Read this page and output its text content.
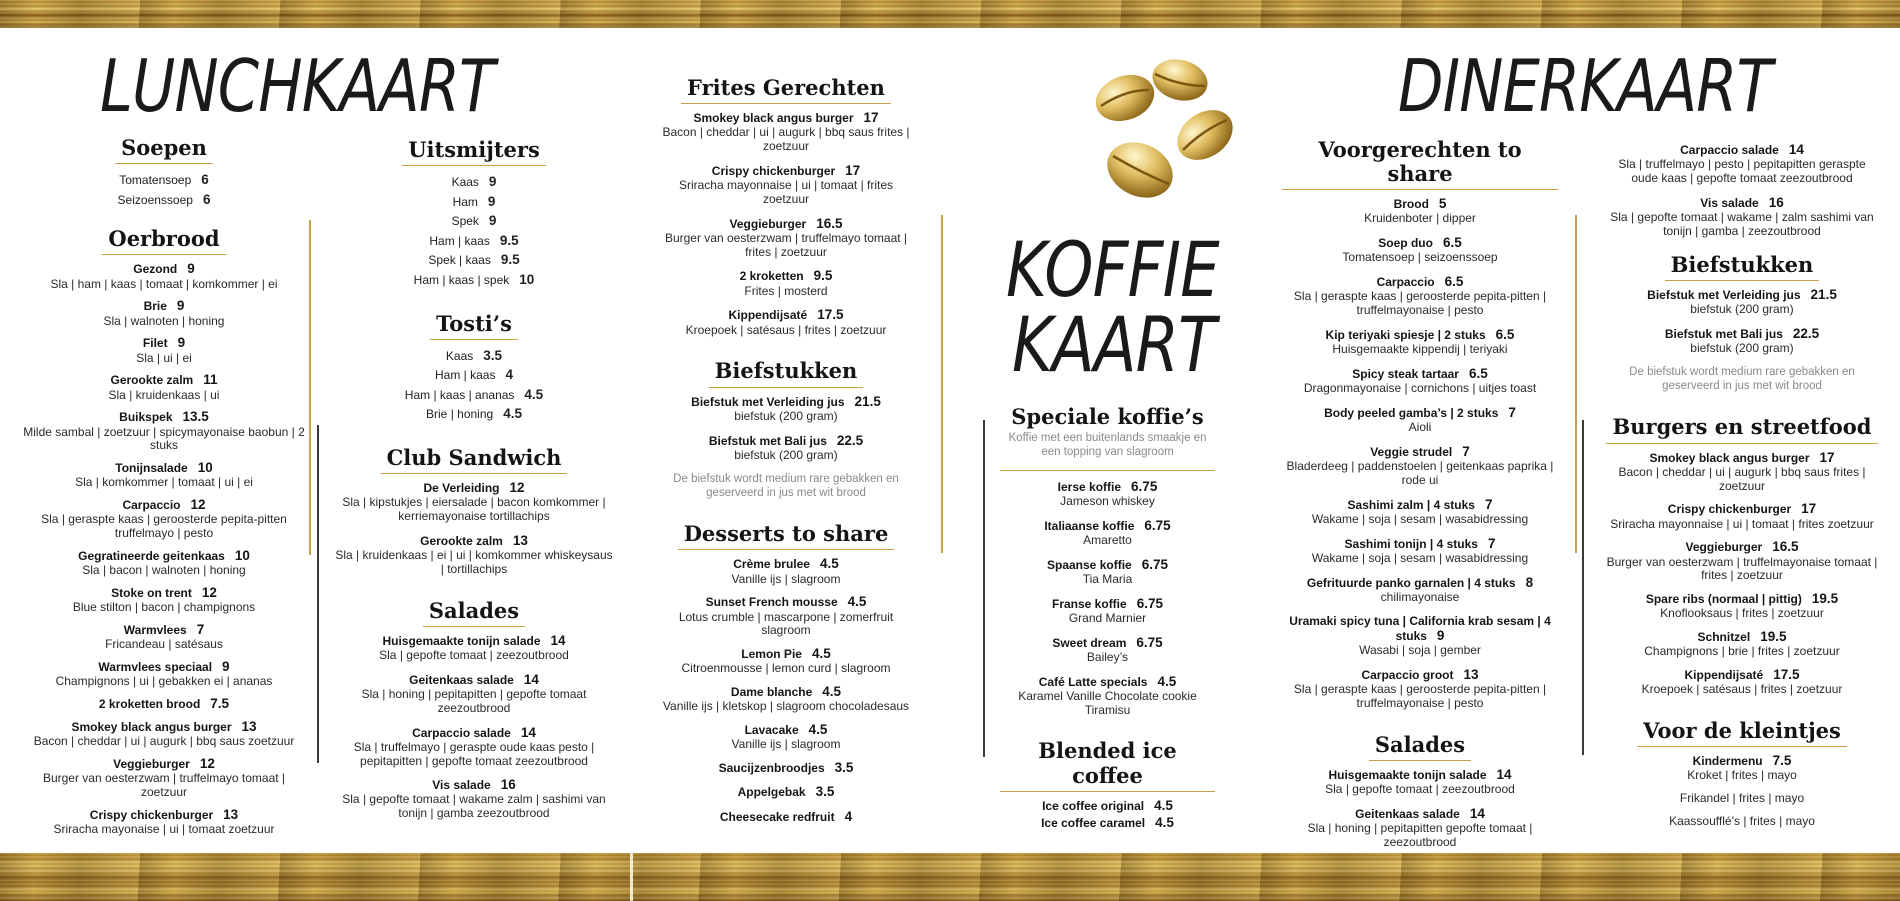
LUNCHKAART	DINERKAART
KOFFIE
KAART
Soepen
Tomatensoep 6
Seizoenssoep 6
Oerbrood
Gezond 9
Sla | ham | kaas | tomaat | komkommer | ei
Brie 9
Sla | walnoten | honing
Filet 9
Sla | ui | ei
Gerookte zalm 11
Sla | kruidenkaas | ui
Buikspek 13.5
Milde sambal | zoetzuur | spicymayonaise baobun | 2 stuks
Tonijnsalade 10
Sla | komkommer | tomaat | ui | ei
Carpaccio 12
Sla | geraspte kaas | geroosterde pepita-pitten truffelmayo | pesto
Gegratineerde geitenkaas 10
Sla | bacon | walnoten | honing
Stoke on trent 12
Blue stilton | bacon | champignons
Warmvlees 7
Fricandeau | satésaus
Warmvlees speciaal 9
Champignons | ui | gebakken ei | ananas
2 kroketten brood 7.5
Smokey black angus burger 13
Bacon | cheddar | ui | augurk | bbq saus zoetzuur
Veggieburger 12
Burger van oesterzwam | truffelmayo tomaat | zoetzuur
Crispy chickenburger 13
Sriracha mayonaise | ui | tomaat zoetzuur
Uitsmijters
Kaas 9
Ham 9
Spek 9
Ham | kaas 9.5
Spek | kaas 9.5
Ham | kaas | spek 10
Tosti’s
Kaas 3.5
Ham | kaas 4
Ham | kaas | ananas 4.5
Brie | honing 4.5
Club Sandwich
De Verleiding 12
Sla | kipstukjes | eiersalade | bacon komkommer | kerriemayonaise tortillachips
Gerookte zalm 13
Sla | kruidenkaas | ei | ui | komkommer whiskeysaus | tortillachips
Salades
Huisgemaakte tonijn salade 14
Sla | gepofte tomaat | zeezoutbrood
Geitenkaas salade 14
Sla | honing | pepitapitten | gepofte tomaat zeezoutbrood
Carpaccio salade 14
Sla | truffelmayo | geraspte oude kaas pesto | pepitapitten | gepofte tomaat zeezoutbrood
Vis salade 16
Sla | gepofte tomaat | wakame zalm | sashimi van tonijn | gamba zeezoutbrood
Frites Gerechten
Smokey black angus burger 17
Bacon | cheddar | ui | augurk | bbq saus frites | zoetzuur
Crispy chickenburger 17
Sriracha mayonnaise | ui | tomaat | frites zoetzuur
Veggieburger 16.5
Burger van oesterzwam | truffelmayo tomaat | frites | zoetzuur
2 kroketten 9.5
Frites | mosterd
Kippendijsaté 17.5
Kroepoek | satésaus | frites | zoetzuur
Biefstukken
Biefstuk met Verleiding jus 21.5
biefstuk (200 gram)
Biefstuk met Bali jus 22.5
biefstuk (200 gram)
De biefstuk wordt medium rare gebakken en geserveerd in jus met wit brood
Desserts to share
Crème brulee 4.5
Vanille ijs | slagroom
Sunset French mousse 4.5
Lotus crumble | mascarpone | zomerfruit slagroom
Lemon Pie 4.5
Citroenmousse | lemon curd | slagroom
Dame blanche 4.5
Vanille ijs | kletskop | slagroom chocoladesaus
Lavacake 4.5
Vanille ijs | slagroom
Saucijzenbroodjes 3.5
Appelgebak 3.5
Cheesecake redfruit 4
Speciale koffie’s
Koffie met een buitenlands smaakje en een topping van slagroom
Ierse koffie 6.75
Jameson whiskey
Italiaanse koffie 6.75
Amaretto
Spaanse koffie 6.75
Tia Maria
Franse koffie 6.75
Grand Marnier
Sweet dream 6.75
Bailey’s
Café Latte specials 4.5
Karamel Vanille Chocolate cookie Tiramisu
Blended ice coffee
Ice coffee original 4.5
Ice coffee caramel 4.5
Voorgerechten to share
Brood 5
Kruidenboter | dipper
Soep duo 6.5
Tomatensoep | seizoenssoep
Carpaccio 6.5
Sla | geraspte kaas | geroosterde pepita-pitten | truffelmayonaise | pesto
Kip teriyaki spiesje | 2 stuks 6.5
Huisgemaakte kippendij | teriyaki
Spicy steak tartaar 6.5
Dragonmayonaise | cornichons | uitjes toast
Body peeled gamba’s | 2 stuks 7
Aioli
Veggie strudel 7
Bladerdeeg | paddenstoelen | geitenkaas paprika | rode ui
Sashimi zalm | 4 stuks 7
Wakame | soja | sesam | wasabidressing
Sashimi tonijn | 4 stuks 7
Wakame | soja | sesam | wasabidressing
Gefrituurde panko garnalen | 4 stuks 8
chilimayonaise
Uramaki spicy tuna | California krab sesam | 4 stuks 9
Wasabi | soja | gember
Carpaccio groot 13
Sla | geraspte kaas | geroosterde pepita-pitten | truffelmayonaise | pesto
Salades
Huisgemaakte tonijn salade 14
Sla | gepofte tomaat | zeezoutbrood
Geitenkaas salade 14
Sla | honing | pepitapitten gepofte tomaat | zeezoutbrood
Carpaccio salade 14
Sla | truffelmayo | pesto | pepitapitten geraspte oude kaas | gepofte tomaat zeezoutbrood
Vis salade 16
Sla | gepofte tomaat | wakame | zalm sashimi van tonijn | gamba | zeezoutbrood
Biefstukken
Biefstuk met Verleiding jus 21.5
biefstuk (200 gram)
Biefstuk met Bali jus 22.5
biefstuk (200 gram)
De biefstuk wordt medium rare gebakken en geserveerd in jus met wit brood
Burgers en streetfood
Smokey black angus burger 17
Bacon | cheddar | ui | augurk | bbq saus frites | zoetzuur
Crispy chickenburger 17
Sriracha mayonnaise | ui | tomaat | frites zoetzuur
Veggieburger 16.5
Burger van oesterzwam | truffelmayonaise tomaat | frites | zoetzuur
Spare ribs (normaal | pittig) 19.5
Knoflooksaus | frites | zoetzuur
Schnitzel 19.5
Champignons | brie | frites | zoetzuur
Kippendijsaté 17.5
Kroepoek | satésaus | frites | zoetzuur
Voor de kleintjes
Kindermenu 7.5
Kroket | frites | mayo
Frikandel | frites | mayo
Kaassoufflé’s | frites | mayo
